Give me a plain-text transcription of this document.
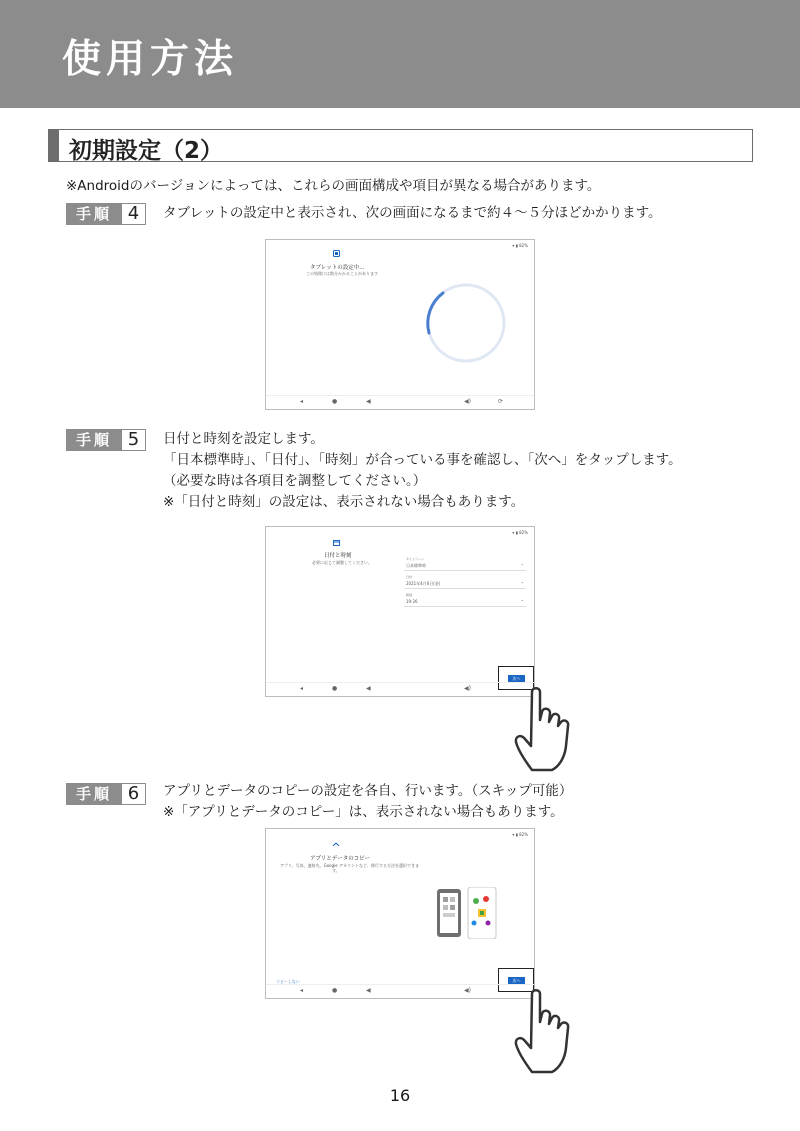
使用方法
初期設定（2）
※Androidのバージョンによっては、これらの画面構成や項目が異なる場合があります。
手順 4	タブレットの設定中と表示され、次の画面になるまで約４～５分ほどかかります。
▾ ▮ 82%
タブレットの設定中...
この処理には数分かかることがあります
◂	●	◀	◀)	⟳
手順 5	日付と時刻を設定します。
「日本標準時」、「日付」、「時刻」が合っている事を確認し、「次へ」をタップします。
（必要な時は各項目を調整してください。）
※「日付と時刻」の設定は、表示されない場合もあります。
▾ ▮ 82%
日付と時刻
必要に応じて調整してください。
タイムゾーン
日本標準時	⌄
日付
2021年4月6日(金)	⌄
時刻
19:26	⌄
次へ
◂	●	◀	◀)
手順 6	アプリとデータのコピーの設定を各自、行います。（スキップ可能）
※「アプリとデータのコピー」は、表示されない場合もあります。
▾ ▮ 82%
アプリとデータのコピー
アプリ、写真、連絡先、Google アカウントなど、移行する方法を選択できま
す。
コピーしない	次へ
◂	●	◀	◀)
16
